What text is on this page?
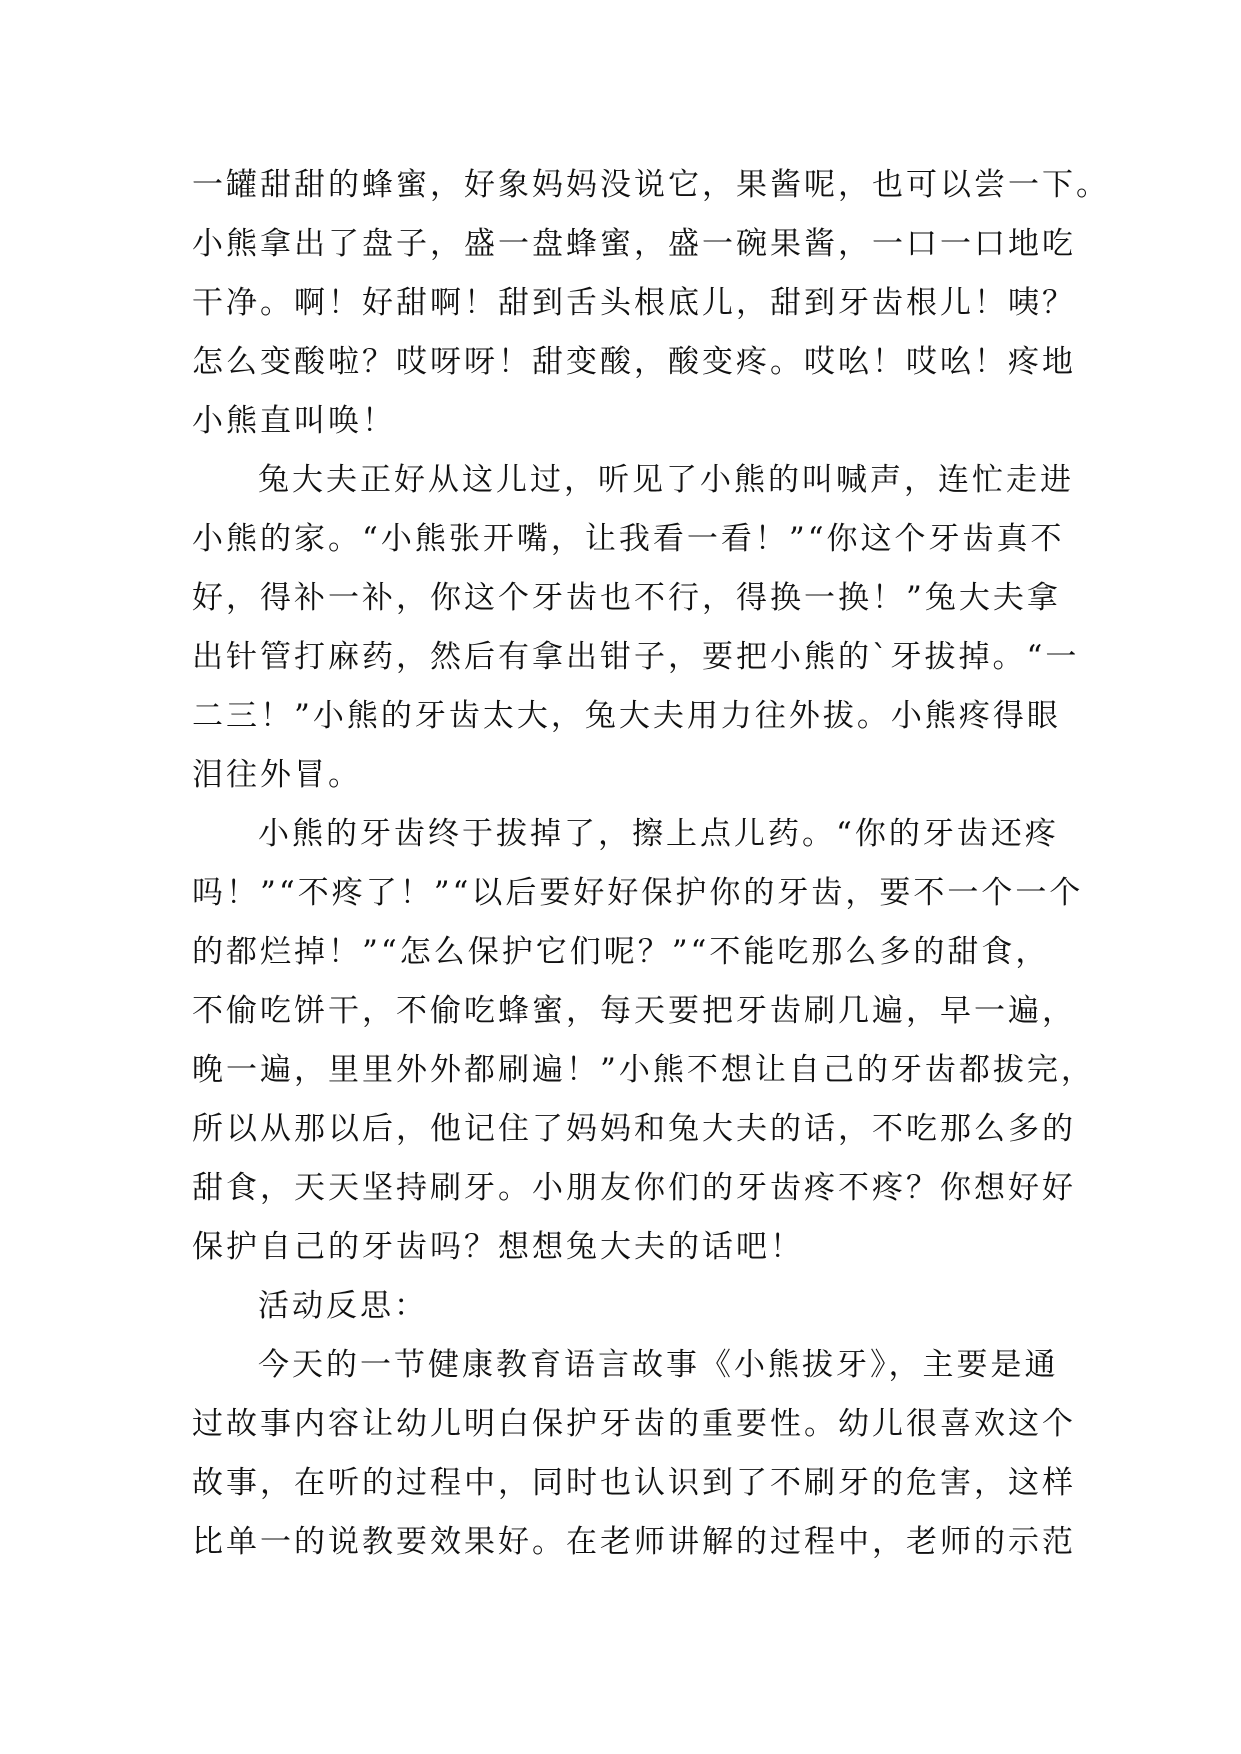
一罐甜甜的蜂蜜，好象妈妈没说它，果酱呢，也可以尝一下。
小熊拿出了盘子，盛一盘蜂蜜，盛一碗果酱，一口一口地吃
干净。啊！好甜啊！甜到舌头根底儿，甜到牙齿根儿！咦？
怎么变酸啦？哎呀呀！甜变酸，酸变疼。哎吆！哎吆！疼地
小熊直叫唤！
兔大夫正好从这儿过，听见了小熊的叫喊声，连忙走进
小熊的家。“小熊张开嘴，让我看一看！”“你这个牙齿真不
好，得补一补，你这个牙齿也不行，得换一换！”兔大夫拿
出针管打麻药，然后有拿出钳子，要把小熊的`牙拔掉。“一
二三！”小熊的牙齿太大，兔大夫用力往外拔。小熊疼得眼
泪往外冒。
小熊的牙齿终于拔掉了，擦上点儿药。“你的牙齿还疼
吗！”“不疼了！”“以后要好好保护你的牙齿，要不一个一个
的都烂掉！”“怎么保护它们呢？”“不能吃那么多的甜食，
不偷吃饼干，不偷吃蜂蜜，每天要把牙齿刷几遍，早一遍，
晚一遍，里里外外都刷遍！”小熊不想让自己的牙齿都拔完，
所以从那以后，他记住了妈妈和兔大夫的话，不吃那么多的
甜食，天天坚持刷牙。小朋友你们的牙齿疼不疼？你想好好
保护自己的牙齿吗？想想兔大夫的话吧！
活动反思：
今天的一节健康教育语言故事《小熊拔牙》，主要是通
过故事内容让幼儿明白保护牙齿的重要性。幼儿很喜欢这个
故事，在听的过程中，同时也认识到了不刷牙的危害，这样
比单一的说教要效果好。在老师讲解的过程中，老师的示范
